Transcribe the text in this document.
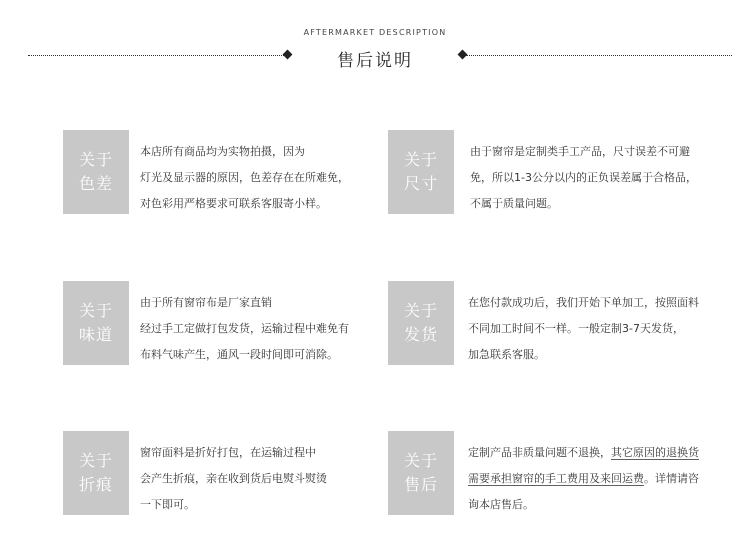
AFTERMARKET DESCRIPTION
售后说明
关于
色差
本店所有商品均为实物拍摄，因为
灯光及显示器的原因，色差存在在所难免，
对色彩用严格要求可联系客服寄小样。
关于
尺寸
由于窗帘是定制类手工产品，尺寸误差不可避
免，所以1-3公分以内的正负误差属于合格品，
不属于质量问题。
关于
味道
由于所有窗帘布是厂家直销
经过手工定做打包发货，运输过程中难免有
布料气味产生，通风一段时间即可消除。
关于
发货
在您付款成功后，我们开始下单加工，按照面料
不同加工时间不一样。一般定制3-7天发货，
加急联系客服。
关于
折痕
窗帘面料是折好打包，在运输过程中
会产生折痕，亲在收到货后电熨斗熨烫
一下即可。
关于
售后
定制产品非质量问题不退换，其它原因的退换货
需要承担窗帘的手工费用及来回运费。详情请咨
询本店售后。
